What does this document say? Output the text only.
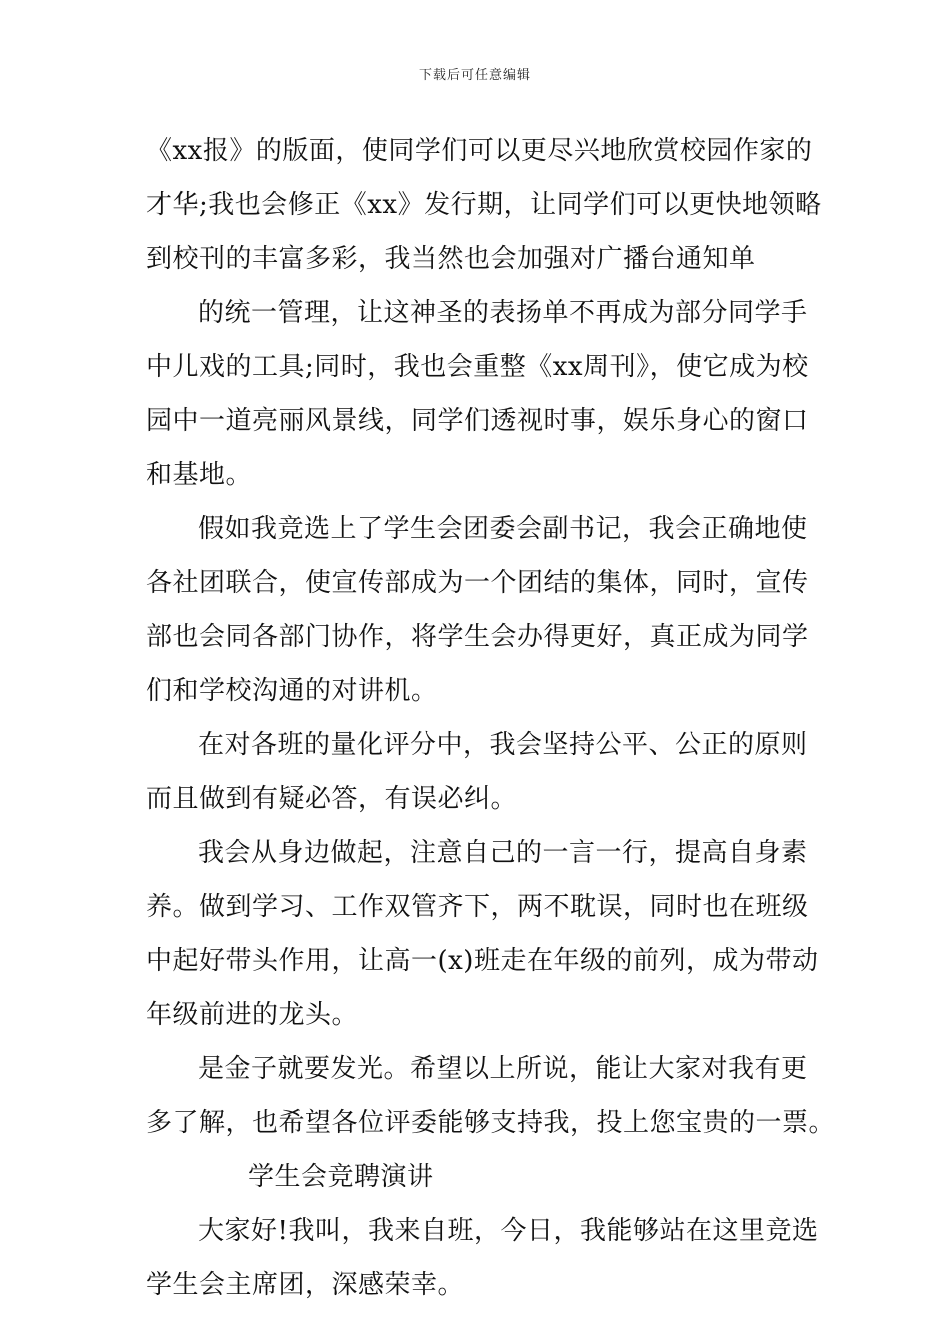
下载后可任意编辑
《xx报》的版面，使同学们可以更尽兴地欣赏校园作家的
才华;我也会修正《xx》发行期，让同学们可以更快地领略
到校刊的丰富多彩，我当然也会加强对广播台通知单
的统一管理，让这神圣的表扬单不再成为部分同学手
中儿戏的工具;同时，我也会重整《xx周刊》，使它成为校
园中一道亮丽风景线，同学们透视时事，娱乐身心的窗口
和基地。
假如我竞选上了学生会团委会副书记，我会正确地使
各社团联合，使宣传部成为一个团结的集体，同时，宣传
部也会同各部门协作，将学生会办得更好，真正成为同学
们和学校沟通的对讲机。
在对各班的量化评分中，我会坚持公平、公正的原则
而且做到有疑必答，有误必纠。
我会从身边做起，注意自己的一言一行，提高自身素
养。做到学习、工作双管齐下，两不耽误，同时也在班级
中起好带头作用，让高一(x)班走在年级的前列，成为带动
年级前进的龙头。
是金子就要发光。希望以上所说，能让大家对我有更
多了解，也希望各位评委能够支持我，投上您宝贵的一票。
学生会竞聘演讲
大家好!我叫，我来自班，今日，我能够站在这里竞选
学生会主席团，深感荣幸。
